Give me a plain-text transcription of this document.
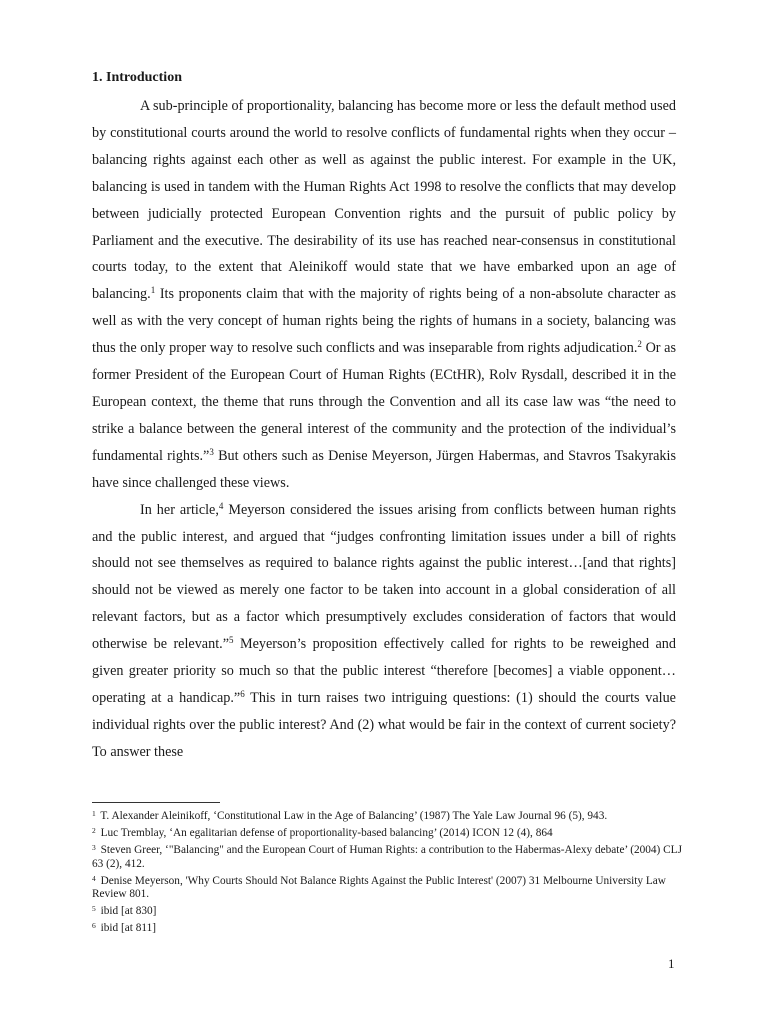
1. Introduction

A sub-principle of proportionality, balancing has become more or less the default method used by constitutional courts around the world to resolve conflicts of fundamental rights when they occur – balancing rights against each other as well as against the public interest. For example in the UK, balancing is used in tandem with the Human Rights Act 1998 to resolve the conflicts that may develop between judicially protected European Convention rights and the pursuit of public policy by Parliament and the executive. The desirability of its use has reached near-consensus in constitutional courts today, to the extent that Aleinikoff would state that we have embarked upon an age of balancing.$^1$ Its proponents claim that with the majority of rights being of a non-absolute character as well as with the very concept of human rights being the rights of humans in a society, balancing was thus the only proper way to resolve such conflicts and was inseparable from rights adjudication.$^2$ Or as former President of the European Court of Human Rights (ECtHR), Rolv Rysdall, described it in the European context, the theme that runs through the Convention and all its case law was “the need to strike a balance between the general interest of the community and the protection of the individual’s fundamental rights.”$^3$ But others such as Denise Meyerson, Jürgen Habermas, and Stavros Tsakyrakis have since challenged these views.

In her article,$^4$ Meyerson considered the issues arising from conflicts between human rights and the public interest, and argued that “judges confronting limitation issues under a bill of rights should not see themselves as required to balance rights against the public interest…[and that rights] should not be viewed as merely one factor to be taken into account in a global consideration of all relevant factors, but as a factor which presumptively excludes consideration of factors that would otherwise be relevant.”$^5$ Meyerson’s proposition effectively called for rights to be reweighed and given greater priority so much so that the public interest “therefore [becomes] a viable opponent…operating at a handicap.”$^6$ This in turn raises two intriguing questions: (1) should the courts value individual rights over the public interest? And (2) what would be fair in the context of current society? To answer these

$^1$ T. Alexander Aleinikoff, ‘Constitutional Law in the Age of Balancing’ (1987) The Yale Law Journal 96 (5), 943.
$^2$ Luc Tremblay, ‘An egalitarian defense of proportionality-based balancing’ (2014) ICON 12 (4), 864
$^3$ Steven Greer, ‘"Balancing" and the European Court of Human Rights: a contribution to the Habermas-Alexy debate’ (2004) CLJ 63 (2), 412.
$^4$ Denise Meyerson, 'Why Courts Should Not Balance Rights Against the Public Interest' (2007) 31 Melbourne University Law Review 801.
$^5$ ibid [at 830]
$^6$ ibid [at 811]
1
